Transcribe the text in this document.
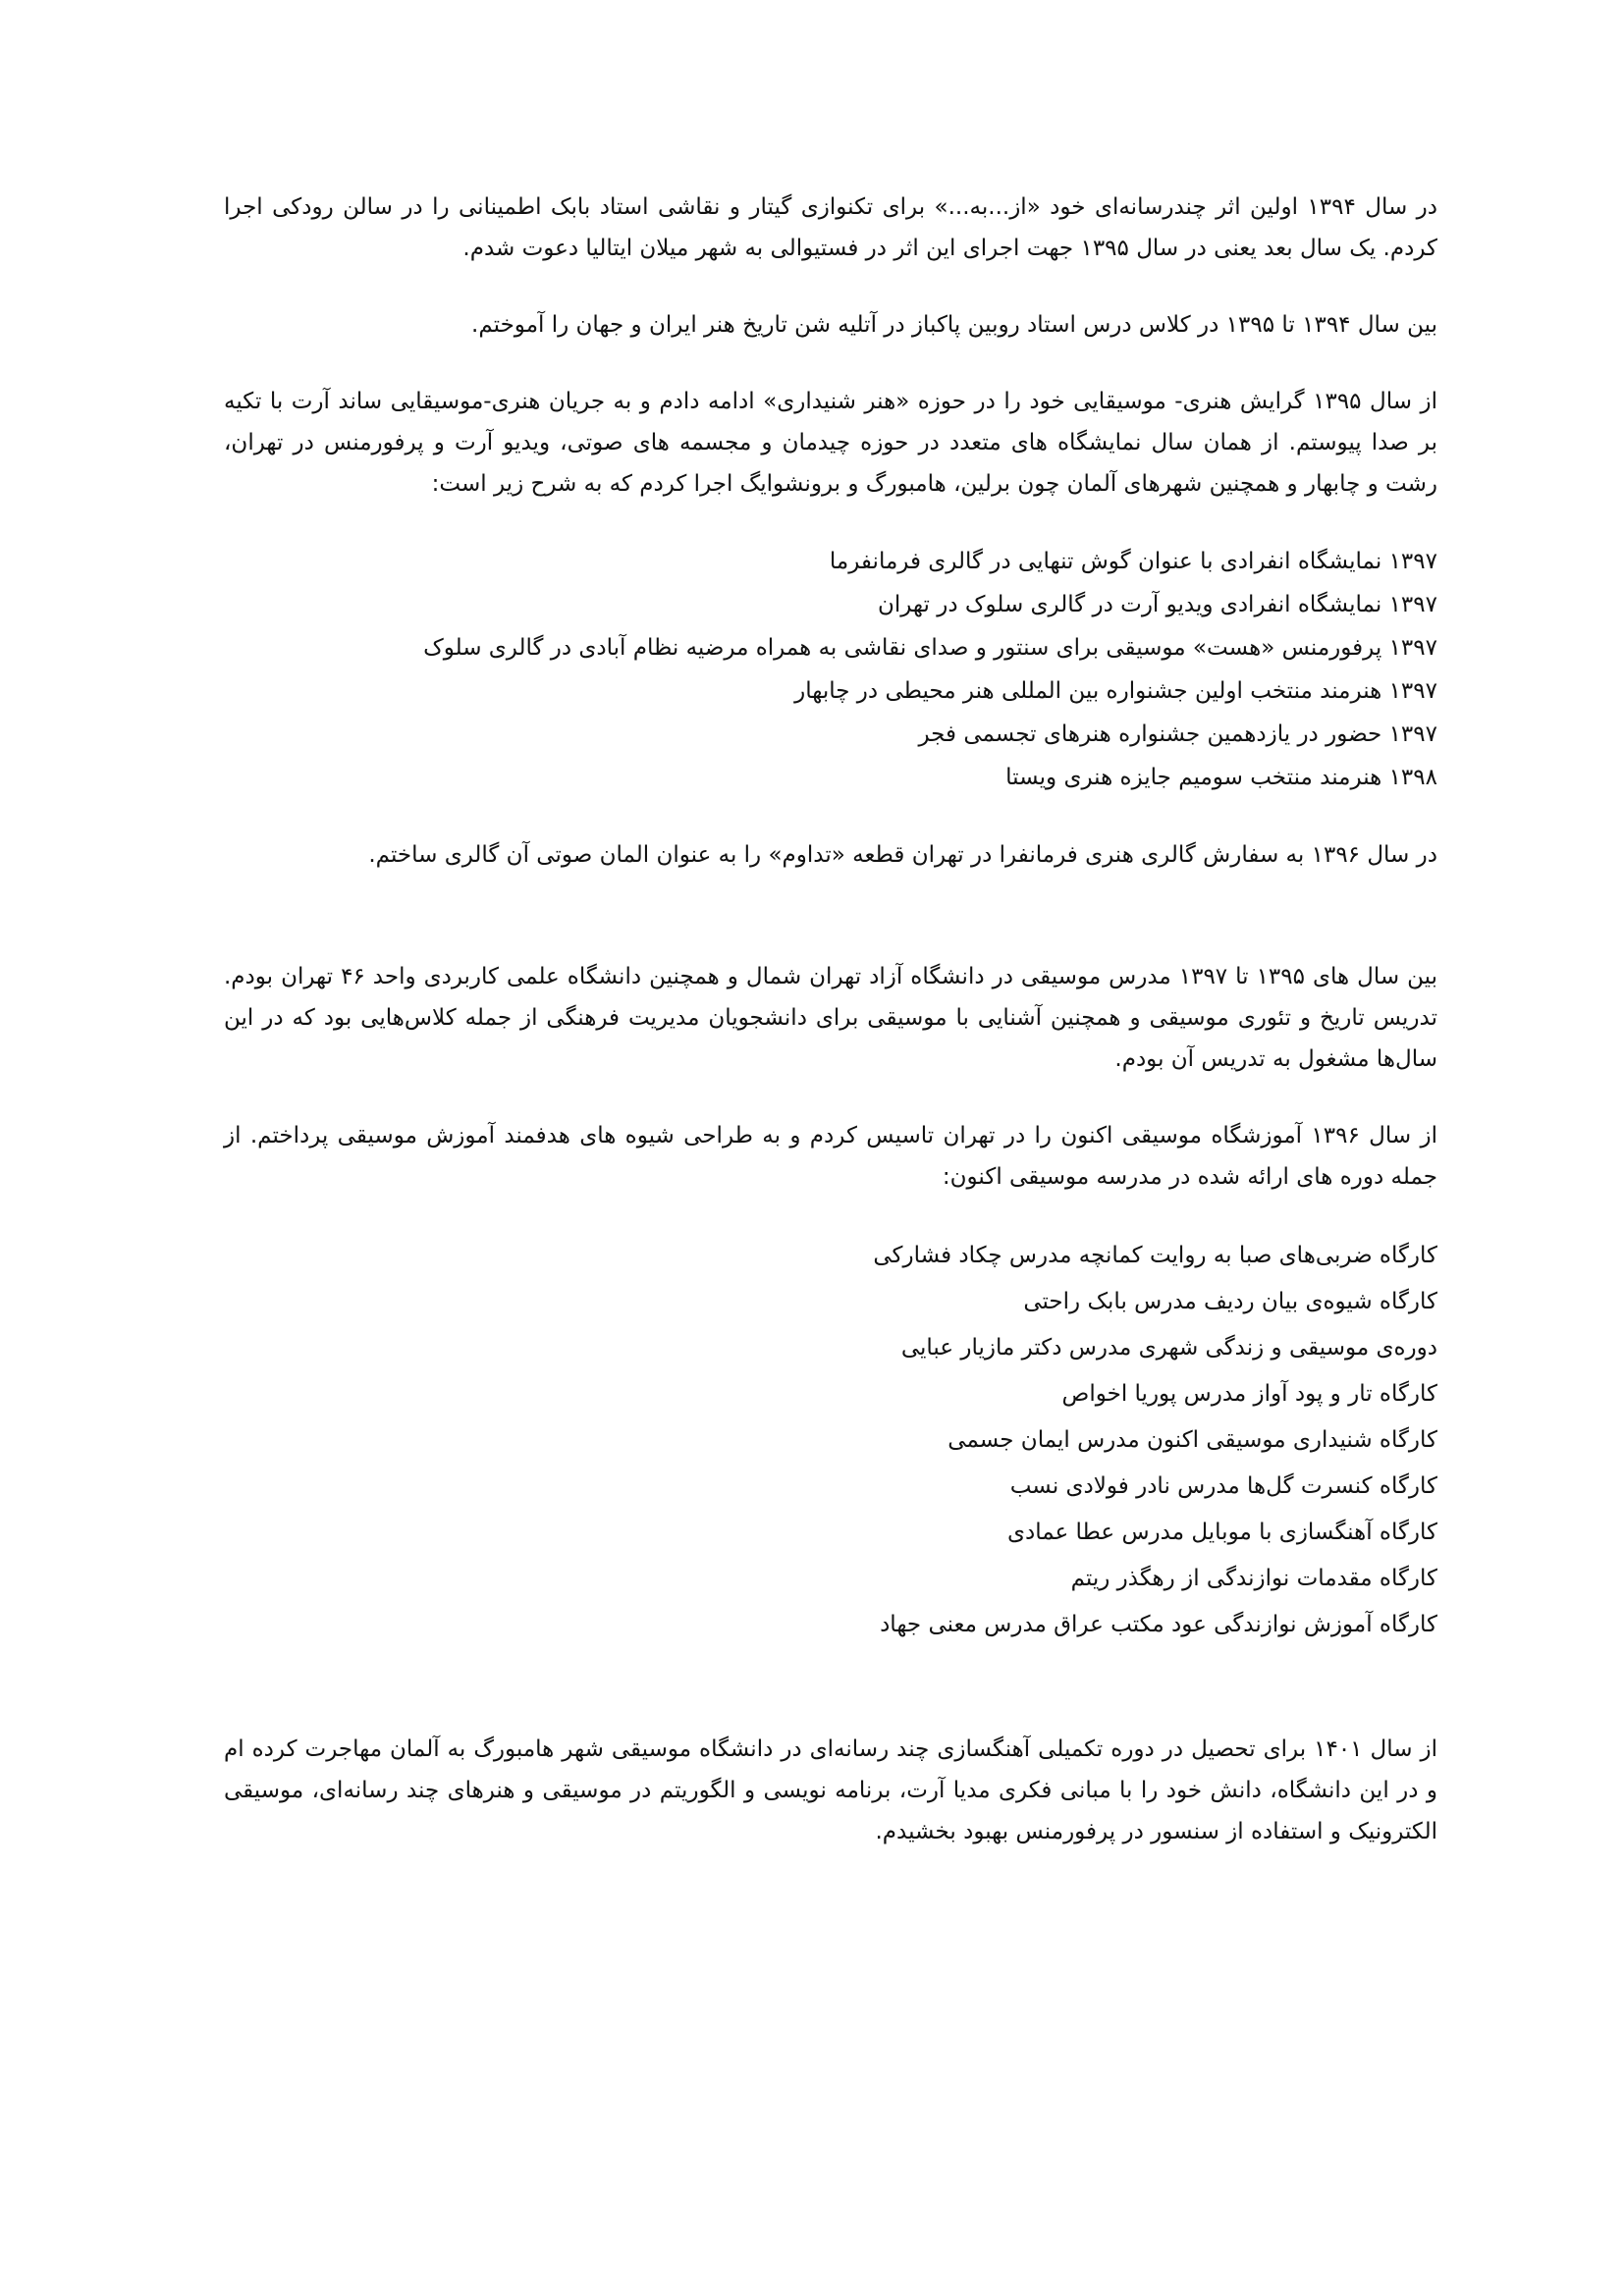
در سال ۱۳۹۴ اولین اثر چندرسانه‌ای خود «از...به...» برای تکنوازی گیتار و نقاشی استاد بابک اطمینانی را در سالن رودکی اجرا کردم. یک سال بعد یعنی در سال ۱۳۹۵ جهت اجرای این اثر در فستیوالی به شهر میلان ایتالیا دعوت شدم.

بین سال ۱۳۹۴ تا ۱۳۹۵ در کلاس درس استاد روبین پاکباز در آتلیه شن تاریخ هنر ایران و جهان را آموختم.

از سال ۱۳۹۵ گرایش هنری- موسیقایی خود را در حوزه «هنر شنیداری» ادامه دادم و به جریان هنری-موسیقایی ساند آرت با تکیه بر صدا پیوستم. از همان سال نمایشگاه های متعدد در حوزه چیدمان و مجسمه های صوتی، ویدیو آرت و پرفورمنس در تهران، رشت و چابهار و همچنین شهرهای آلمان چون برلین، هامبورگ و برونشوایگ اجرا کردم که به شرح زیر است:

۱۳۹۷ نمایشگاه انفرادی با عنوان گوش تنهایی در گالری فرمانفرما
۱۳۹۷ نمایشگاه انفرادی ویدیو آرت در گالری سلوک در تهران
۱۳۹۷ پرفورمنس «هست» موسیقی برای سنتور و صدای نقاشی به همراه مرضیه نظام آبادی در گالری سلوک
۱۳۹۷ هنرمند منتخب اولین جشنواره بین المللی هنر محیطی در چابهار
۱۳۹۷ حضور در یازدهمین جشنواره هنرهای تجسمی فجر
۱۳۹۸ هنرمند منتخب سومیم جایزه هنری ویستا

در سال ۱۳۹۶ به سفارش گالری هنری فرمانفرا در تهران قطعه «تداوم» را به عنوان المان صوتی آن گالری ساختم.

بین سال های ۱۳۹۵ تا ۱۳۹۷ مدرس موسیقی در دانشگاه آزاد تهران شمال و همچنین دانشگاه علمی کاربردی واحد ۴۶ تهران بودم. تدریس تاریخ و تئوری موسیقی و همچنین آشنایی با موسیقی برای دانشجویان مدیریت فرهنگی از جمله کلاس‌هایی بود که در این سال‌ها مشغول به تدریس آن بودم.

از سال ۱۳۹۶ آموزشگاه موسیقی اکنون را در تهران تاسیس کردم و به طراحی شیوه های هدفمند آموزش موسیقی پرداختم. از جمله دوره های ارائه شده در مدرسه موسیقی اکنون:

کارگاه ضربی‌های صبا به روایت کمانچه مدرس چکاد فشارکی
کارگاه شیوه‌ی بیان ردیف مدرس بابک راحتی
دوره‌ی موسیقی و زندگی شهری مدرس دکتر مازیار عبایی
کارگاه تار و پود آواز مدرس پوریا اخواص
کارگاه شنیداری موسیقی اکنون مدرس ایمان جسمی
کارگاه کنسرت گل‌ها مدرس نادر فولادی نسب
کارگاه آهنگسازی با موبایل مدرس عطا عمادی
کارگاه مقدمات نوازندگی از رهگذر ریتم
کارگاه آموزش نوازندگی عود مکتب عراق مدرس معنی جهاد

از سال ۱۴۰۱ برای تحصیل در دوره تکمیلی آهنگسازی چند رسانه‌ای در دانشگاه موسیقی شهر هامبورگ به آلمان مهاجرت کرده ام و در این دانشگاه، دانش خود را با مبانی فکری مدیا آرت، برنامه نویسی و الگوریتم در موسیقی و هنرهای چند رسانه‌ای، موسیقی الکترونیک و استفاده از سنسور در پرفورمنس بهبود بخشیدم.
